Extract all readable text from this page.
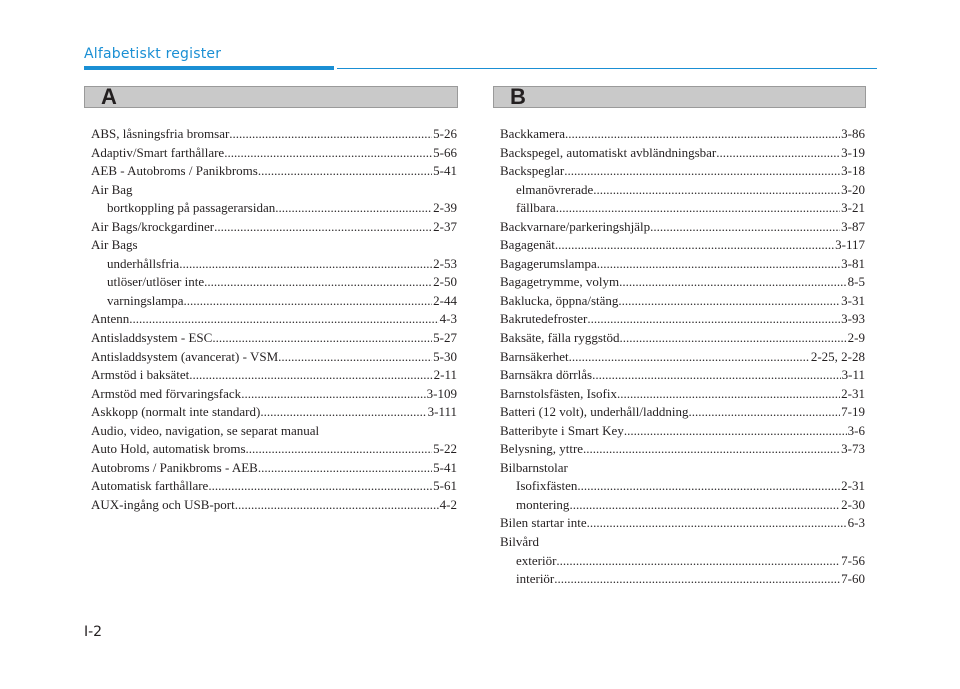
Alfabetiskt register
A	B
ABS, låsningsfria bromsar .....	5-26
Adaptiv/Smart farthållare .....	5-66
AEB - Autobroms / Panikbroms .....	5-41
Air Bag
bortkoppling på passagerarsidan .....	2-39
Air Bags/krockgardiner .....	2-37
Air Bags
underhållsfria .....	2-53
utlöser/utlöser inte .....	2-50
varningslampa .....	2-44
Antenn .....	4-3
Antisladdsystem - ESC .....	5-27
Antisladdsystem (avancerat) - VSM .....	5-30
Armstöd i baksätet .....	2-11
Armstöd med förvaringsfack .....	3-109
Askkopp (normalt inte standard) .....	3-111
Audio, video, navigation, se separat manual
Auto Hold, automatisk broms .....	5-22
Autobroms / Panikbroms - AEB .....	5-41
Automatisk farthållare .....	5-61
AUX-ingång och USB-port .....	4-2
Backkamera .....	3-86
Backspegel, automatiskt avbländningsbar .....	3-19
Backspeglar .....	3-18
elmanövrerade .....	3-20
fällbara .....	3-21
Backvarnare/parkeringshjälp .....	3-87
Bagagenät .....	3-117
Bagagerumslampa .....	3-81
Bagagetrymme, volym .....	8-5
Baklucka, öppna/stäng .....	3-31
Bakrutedefroster .....	3-93
Baksäte, fälla ryggstöd .....	2-9
Barnsäkerhet .....	2-25, 2-28
Barnsäkra dörrlås .....	3-11
Barnstolsfästen, Isofix .....	2-31
Batteri (12 volt), underhåll/laddning .....	7-19
Batteribyte i Smart Key .....	3-6
Belysning, yttre .....	3-73
Bilbarnstolar
Isofixfästen .....	2-31
montering .....	2-30
Bilen startar inte .....	6-3
Bilvård
exteriör .....	7-56
interiör .....	7-60
I-2
